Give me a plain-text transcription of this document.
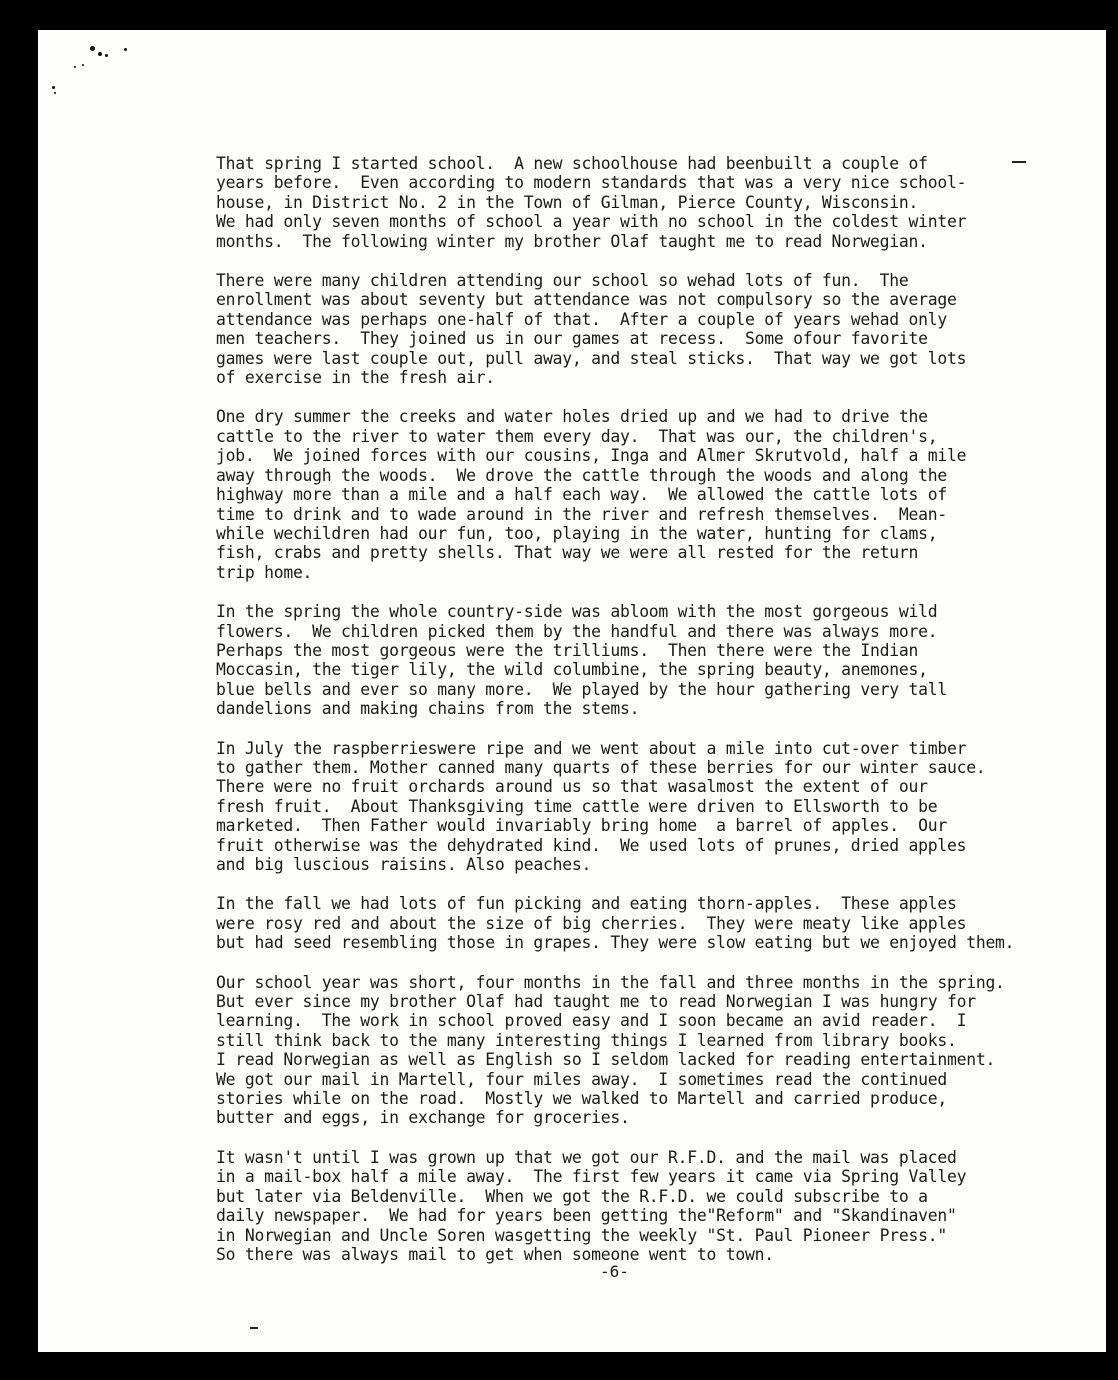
That spring I started school.  A new schoolhouse had beenbuilt a couple of
years before.  Even according to modern standards that was a very nice school-
house, in District No. 2 in the Town of Gilman, Pierce County, Wisconsin.
We had only seven months of school a year with no school in the coldest winter
months.  The following winter my brother Olaf taught me to read Norwegian.
There were many children attending our school so wehad lots of fun.  The
enrollment was about seventy but attendance was not compulsory so the average
attendance was perhaps one-half of that.  After a couple of years wehad only
men teachers.  They joined us in our games at recess.  Some ofour favorite
games were last couple out, pull away, and steal sticks.  That way we got lots
of exercise in the fresh air.
One dry summer the creeks and water holes dried up and we had to drive the
cattle to the river to water them every day.  That was our, the children's,
job.  We joined forces with our cousins, Inga and Almer Skrutvold, half a mile
away through the woods.  We drove the cattle through the woods and along the
highway more than a mile and a half each way.  We allowed the cattle lots of
time to drink and to wade around in the river and refresh themselves.  Mean-
while wechildren had our fun, too, playing in the water, hunting for clams,
fish, crabs and pretty shells. That way we were all rested for the return
trip home.
In the spring the whole country-side was abloom with the most gorgeous wild
flowers.  We children picked them by the handful and there was always more.
Perhaps the most gorgeous were the trilliums.  Then there were the Indian
Moccasin, the tiger lily, the wild columbine, the spring beauty, anemones,
blue bells and ever so many more.  We played by the hour gathering very tall
dandelions and making chains from the stems.
In July the raspberrieswere ripe and we went about a mile into cut-over timber
to gather them. Mother canned many quarts of these berries for our winter sauce.
There were no fruit orchards around us so that wasalmost the extent of our
fresh fruit.  About Thanksgiving time cattle were driven to Ellsworth to be
marketed.  Then Father would invariably bring home  a barrel of apples.  Our
fruit otherwise was the dehydrated kind.  We used lots of prunes, dried apples
and big luscious raisins. Also peaches.
In the fall we had lots of fun picking and eating thorn-apples.  These apples
were rosy red and about the size of big cherries.  They were meaty like apples
but had seed resembling those in grapes. They were slow eating but we enjoyed them.
Our school year was short, four months in the fall and three months in the spring.
But ever since my brother Olaf had taught me to read Norwegian I was hungry for
learning.  The work in school proved easy and I soon became an avid reader.  I
still think back to the many interesting things I learned from library books.
I read Norwegian as well as English so I seldom lacked for reading entertainment.
We got our mail in Martell, four miles away.  I sometimes read the continued
stories while on the road.  Mostly we walked to Martell and carried produce,
butter and eggs, in exchange for groceries.
It wasn't until I was grown up that we got our R.F.D. and the mail was placed
in a mail-box half a mile away.  The first few years it came via Spring Valley
but later via Beldenville.  When we got the R.F.D. we could subscribe to a
daily newspaper.  We had for years been getting the"Reform" and "Skandinaven"
in Norwegian and Uncle Soren wasgetting the weekly "St. Paul Pioneer Press."
So there was always mail to get when someone went to town.
-6-
